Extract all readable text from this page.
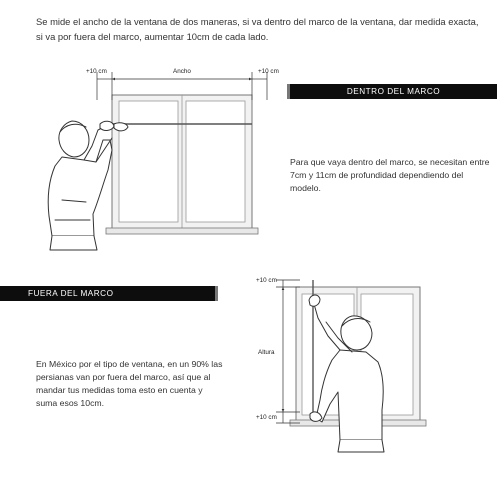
Se mide el ancho de la ventana de dos maneras, si va dentro del marco de la ventana, dar medida exacta, si va por fuera del marco, aumentar 10cm de cada lado.
+10 cm	Ancho	+10 cm
DENTRO DEL MARCO
Para que vaya dentro del marco, se necesitan entre 7cm y 11cm de profundidad dependiendo del modelo.
FUERA DEL MARCO
En México por el tipo de ventana, en un 90% las persianas van por fuera del marco, así que al mandar tus medidas toma esto en cuenta y suma esos 10cm.
+10 cm
Altura
+10 cm
